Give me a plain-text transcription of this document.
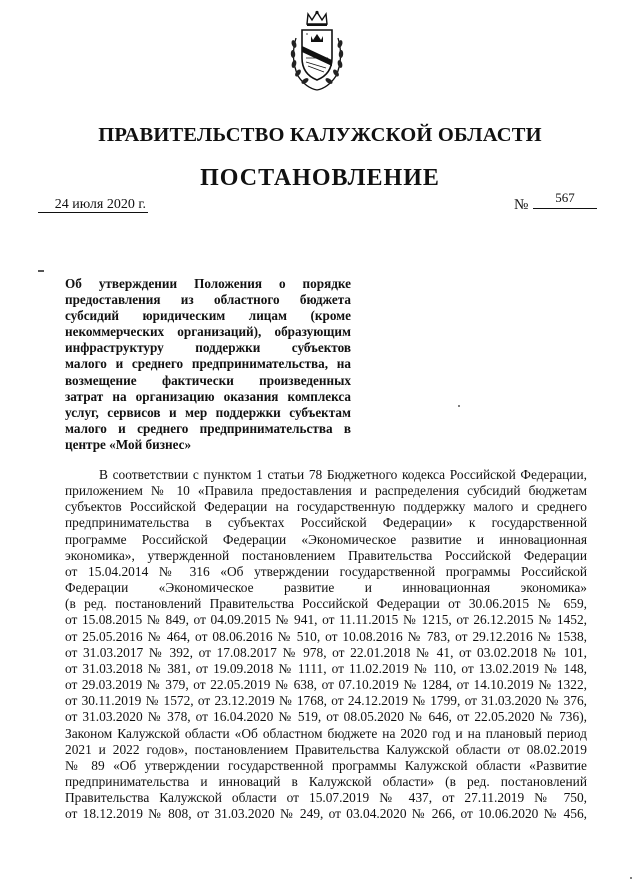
ПРАВИТЕЛЬСТВО КАЛУЖСКОЙ ОБЛАСТИ
ПОСТАНОВЛЕНИЕ
24 июля 2020 г.	№	567
Об утверждении Положения о порядке
предоставления из областного бюджета
субсидий юридическим лицам (кроме
некоммерческих организаций), образующим
инфраструктуру поддержки субъектов
малого и среднего предпринимательства, на
возмещение фактически произведенных
затрат на организацию оказания комплекса
услуг, сервисов и мер поддержки субъектам
малого и среднего предпринимательства в
центре «Мой бизнес»
В соответствии с пунктом 1 статьи 78 Бюджетного кодекса Российской Федерации,
приложением № 10 «Правила предоставления и распределения субсидий бюджетам
субъектов Российской Федерации на государственную поддержку малого и среднего
предпринимательства в субъектах Российской Федерации» к государственной
программе Российской Федерации «Экономическое развитие и инновационная
экономика», утвержденной постановлением Правительства Российской Федерации
от 15.04.2014 № 316 «Об утверждении государственной программы Российской
Федерации «Экономическое развитие и инновационная экономика»
(в ред. постановлений Правительства Российской Федерации от 30.06.2015 № 659,
от 15.08.2015 № 849, от 04.09.2015 № 941, от 11.11.2015 № 1215, от 26.12.2015 № 1452,
от 25.05.2016 № 464, от 08.06.2016 № 510, от 10.08.2016 № 783, от 29.12.2016 № 1538,
от 31.03.2017 № 392, от 17.08.2017 № 978, от 22.01.2018 № 41, от 03.02.2018 № 101,
от 31.03.2018 № 381, от 19.09.2018 № 1111, от 11.02.2019 № 110, от 13.02.2019 № 148,
от 29.03.2019 № 379, от 22.05.2019 № 638, от 07.10.2019 № 1284, от 14.10.2019 № 1322,
от 30.11.2019 № 1572, от 23.12.2019 № 1768, от 24.12.2019 № 1799, от 31.03.2020 № 376,
от 31.03.2020 № 378, от 16.04.2020 № 519, от 08.05.2020 № 646, от 22.05.2020 № 736),
Законом Калужской области «Об областном бюджете на 2020 год и на плановый период
2021 и 2022 годов», постановлением Правительства Калужской области от 08.02.2019
№ 89 «Об утверждении государственной программы Калужской области «Развитие
предпринимательства и инноваций в Калужской области» (в ред. постановлений
Правительства Калужской области от 15.07.2019 № 437, от 27.11.2019 № 750,
от 18.12.2019 № 808, от 31.03.2020 № 249, от 03.04.2020 № 266, от 10.06.2020 № 456,
